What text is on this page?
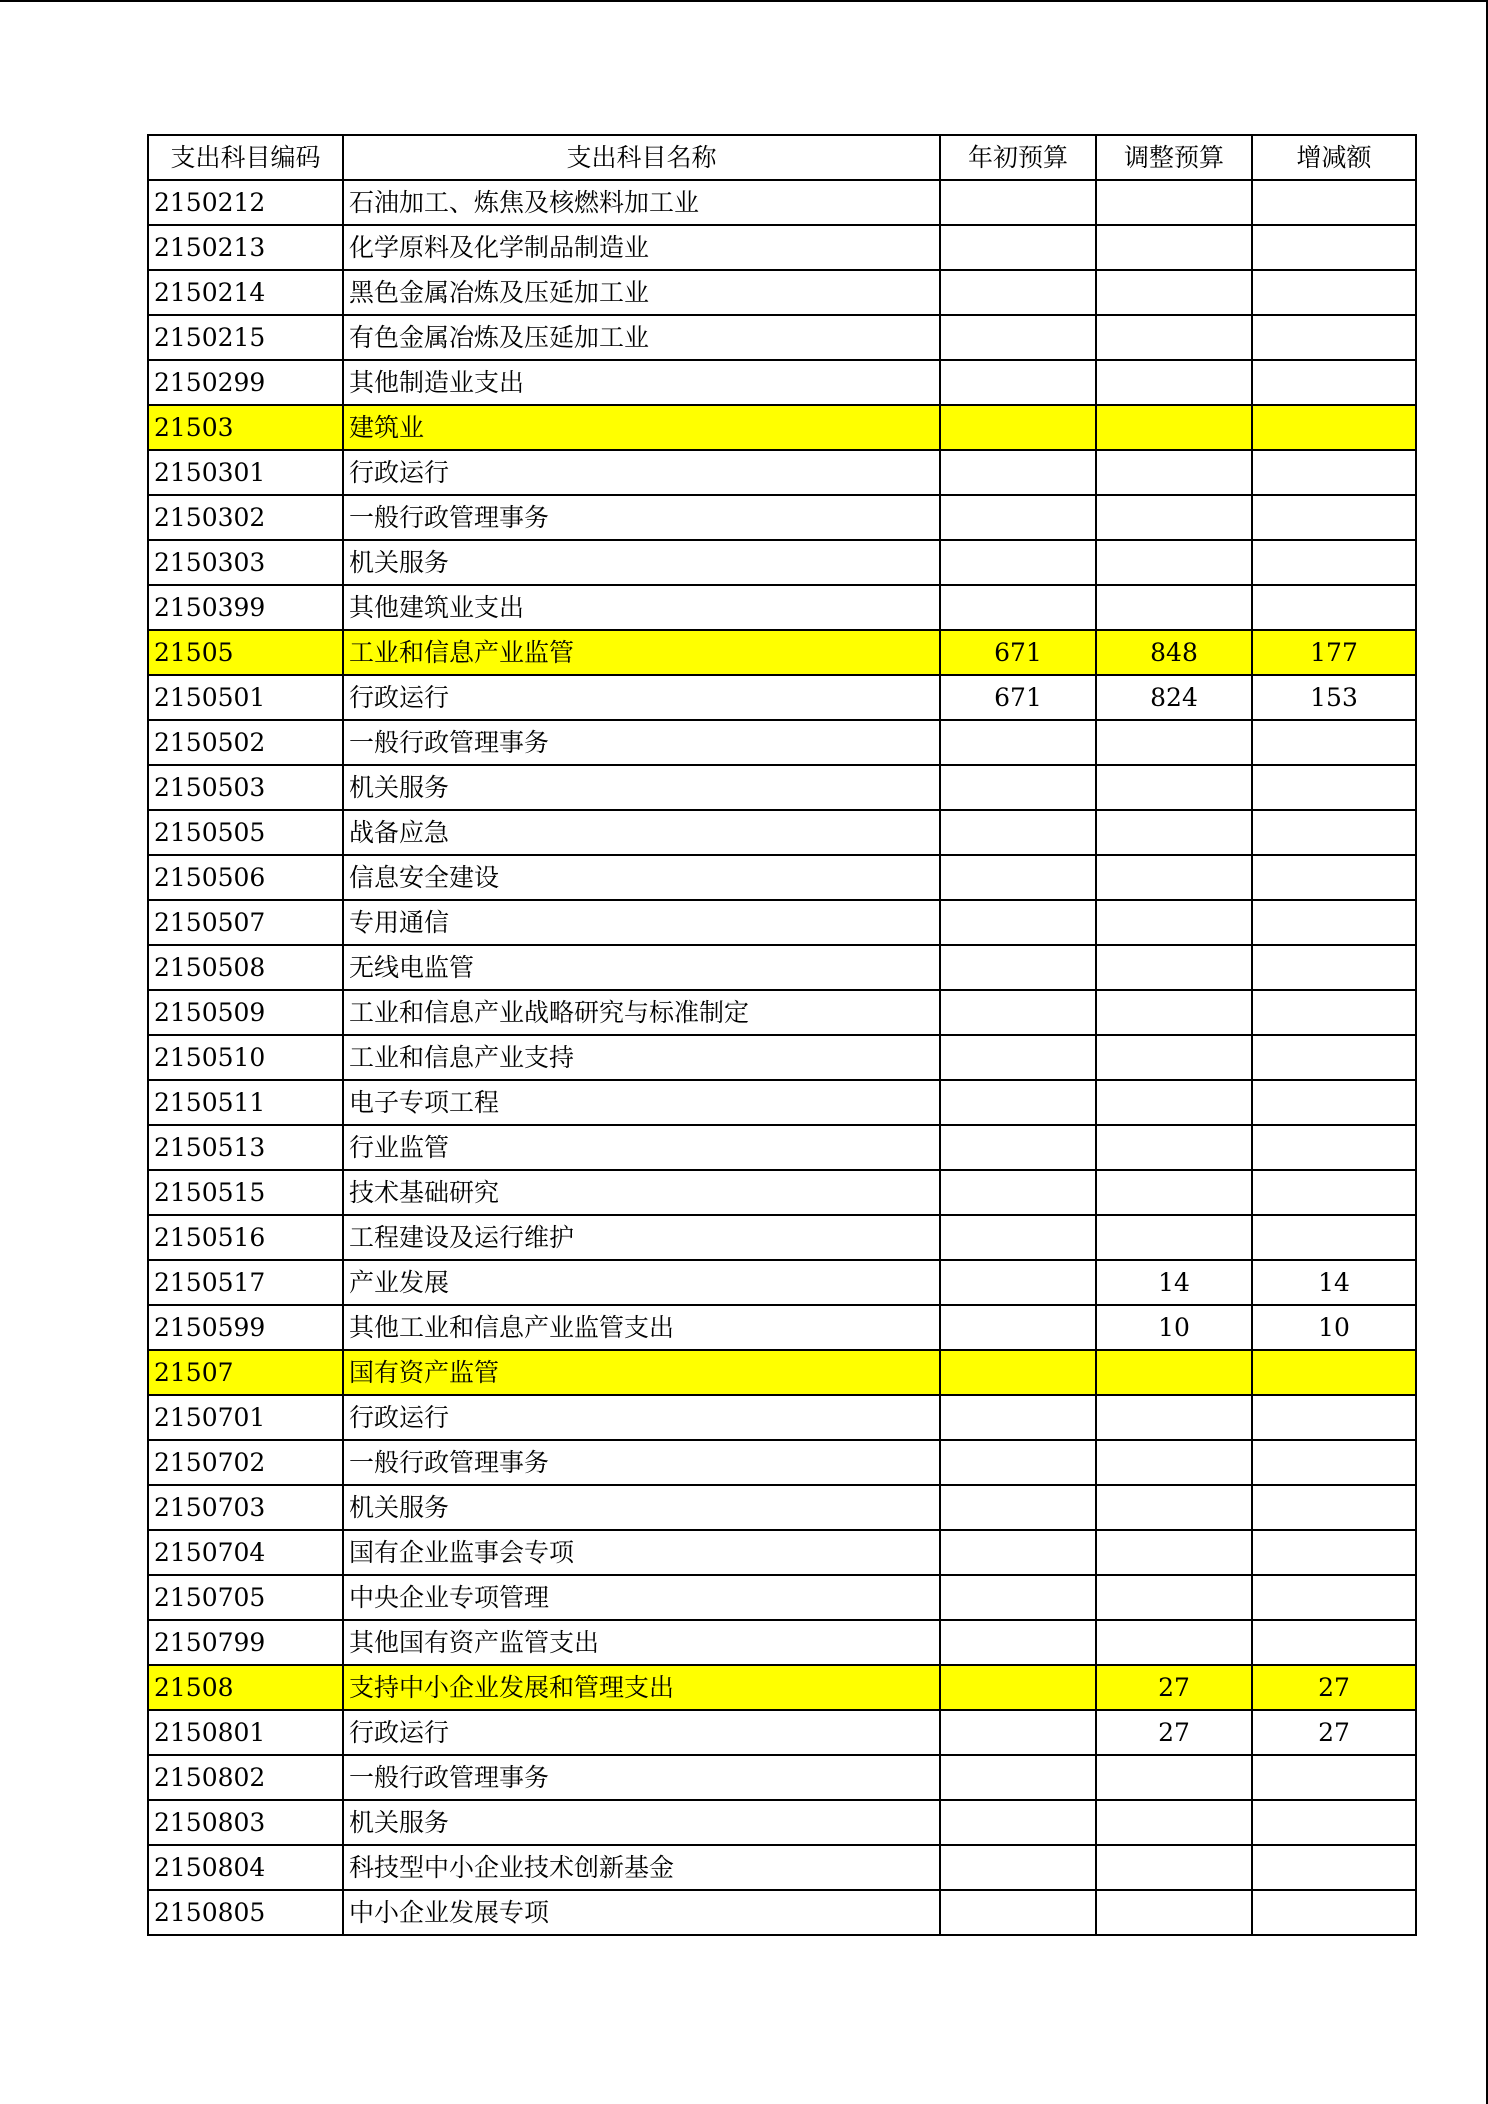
支出科目编码	支出科目名称	年初预算	调整预算	增减额
2150212	石油加工、炼焦及核燃料加工业			
2150213	化学原料及化学制品制造业			
2150214	黑色金属冶炼及压延加工业			
2150215	有色金属冶炼及压延加工业			
2150299	其他制造业支出			
21503	建筑业			
2150301	行政运行			
2150302	一般行政管理事务			
2150303	机关服务			
2150399	其他建筑业支出			
21505	工业和信息产业监管	671	848	177
2150501	行政运行	671	824	153
2150502	一般行政管理事务			
2150503	机关服务			
2150505	战备应急			
2150506	信息安全建设			
2150507	专用通信			
2150508	无线电监管			
2150509	工业和信息产业战略研究与标准制定			
2150510	工业和信息产业支持			
2150511	电子专项工程			
2150513	行业监管			
2150515	技术基础研究			
2150516	工程建设及运行维护			
2150517	产业发展		14	14
2150599	其他工业和信息产业监管支出		10	10
21507	国有资产监管			
2150701	行政运行			
2150702	一般行政管理事务			
2150703	机关服务			
2150704	国有企业监事会专项			
2150705	中央企业专项管理			
2150799	其他国有资产监管支出			
21508	支持中小企业发展和管理支出		27	27
2150801	行政运行		27	27
2150802	一般行政管理事务			
2150803	机关服务			
2150804	科技型中小企业技术创新基金			
2150805	中小企业发展专项			
